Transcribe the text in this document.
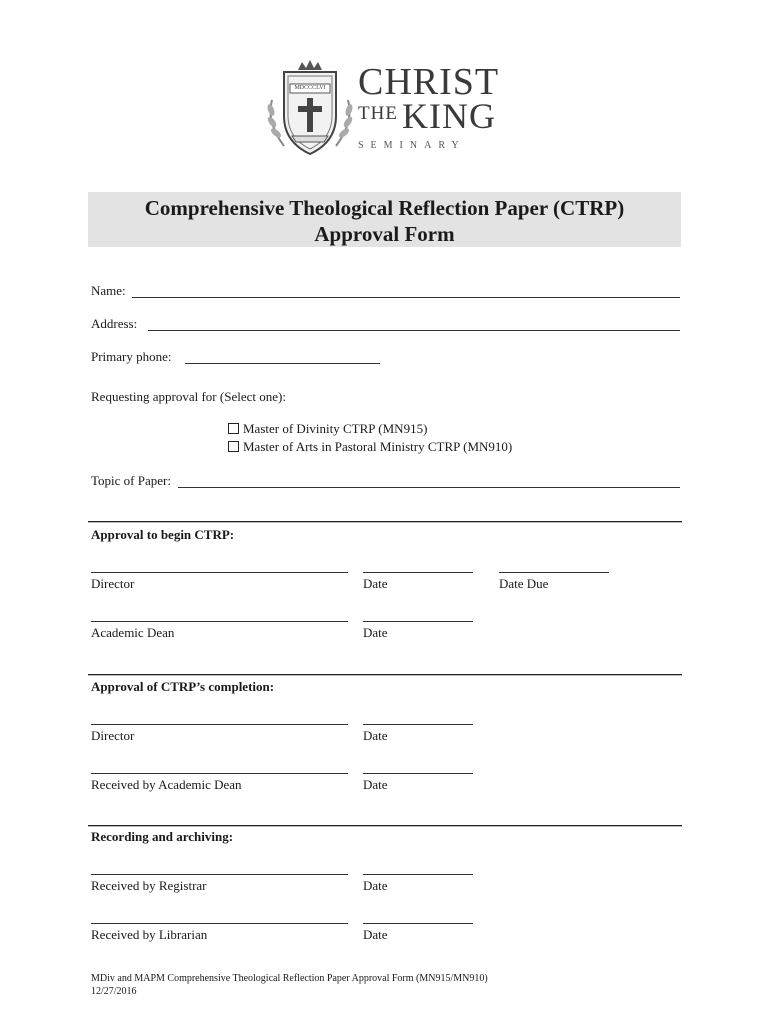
MDCCCLVI CHRIST
THE KING
SEMINARY
Comprehensive Theological Reflection Paper (CTRP)
Approval Form
Name:
Address:
Primary phone:
Requesting approval for (Select one):
Master of Divinity CTRP (MN915)
Master of Arts in Pastoral Ministry CTRP (MN910)
Topic of Paper:
Approval to begin CTRP:
Director	Date	Date Due
Academic Dean	Date
Approval of CTRP’s completion:
Director	Date
Received by Academic Dean	Date
Recording and archiving:
Received by Registrar	Date
Received by Librarian	Date
MDiv and MAPM Comprehensive Theological Reflection Paper Approval Form (MN915/MN910)
12/27/2016
